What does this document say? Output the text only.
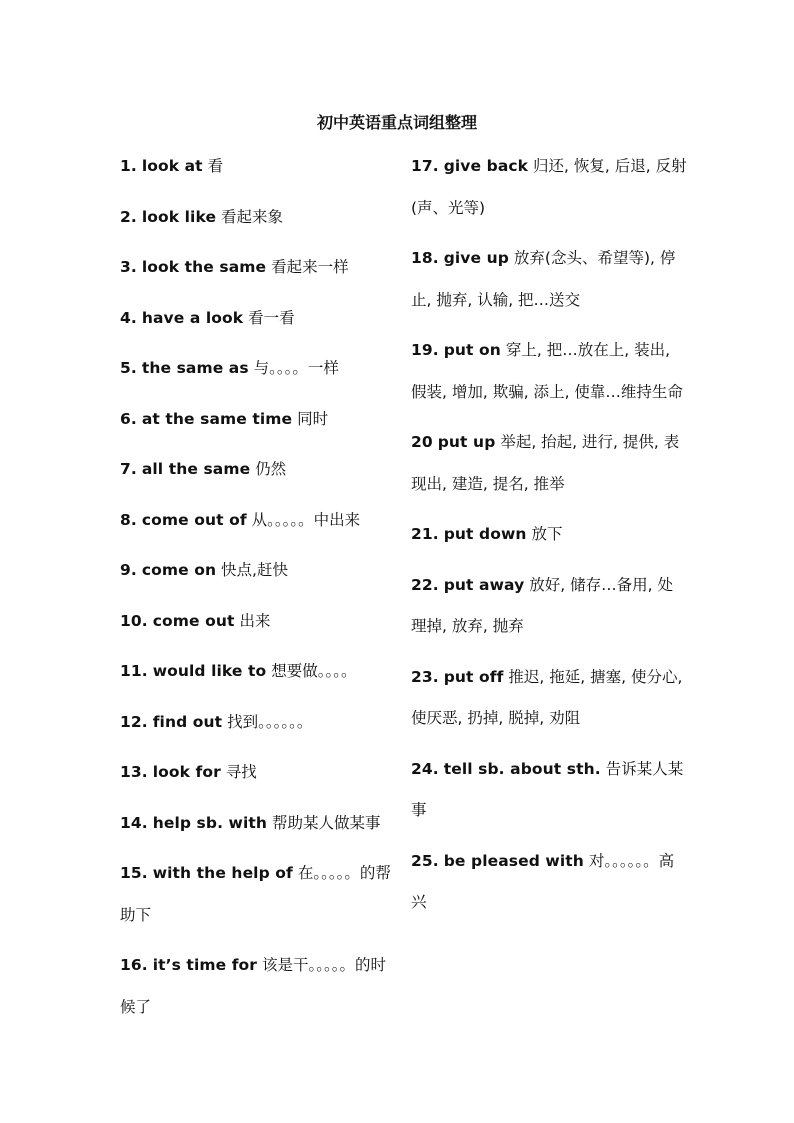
初中英语重点词组整理

1. look at 看

2. look like 看起来象

3. look the same 看起来一样

4. have a look 看一看

5. the same as 与。。。。一样

6. at the same time 同时

7. all the same 仍然

8. come out of 从。。。。。中出来

9. come on 快点,赶快

10. come out 出来

11. would like to 想要做。。。。

12. find out 找到。。。。。。

13. look for 寻找

14. help sb. with 帮助某人做某事

15. with the help of 在。。。。。的帮助下

16. it’s time for 该是干。。。。。的时候了

17. give back 归还, 恢复, 后退, 反射(声、光等)

18. give up 放弃(念头、希望等), 停止, 抛弃, 认输, 把…送交

19. put on 穿上, 把…放在上, 装出, 假装, 增加, 欺骗, 添上, 使靠…维持生命

20 put up 举起, 抬起, 进行, 提供, 表现出, 建造, 提名, 推举

21. put down 放下

22. put away 放好, 储存…备用, 处理掉, 放弃, 抛弃

23. put off 推迟, 拖延, 搪塞, 使分心, 使厌恶, 扔掉, 脱掉, 劝阻

24. tell sb. about sth. 告诉某人某事

25. be pleased with 对。。。。。。高兴
